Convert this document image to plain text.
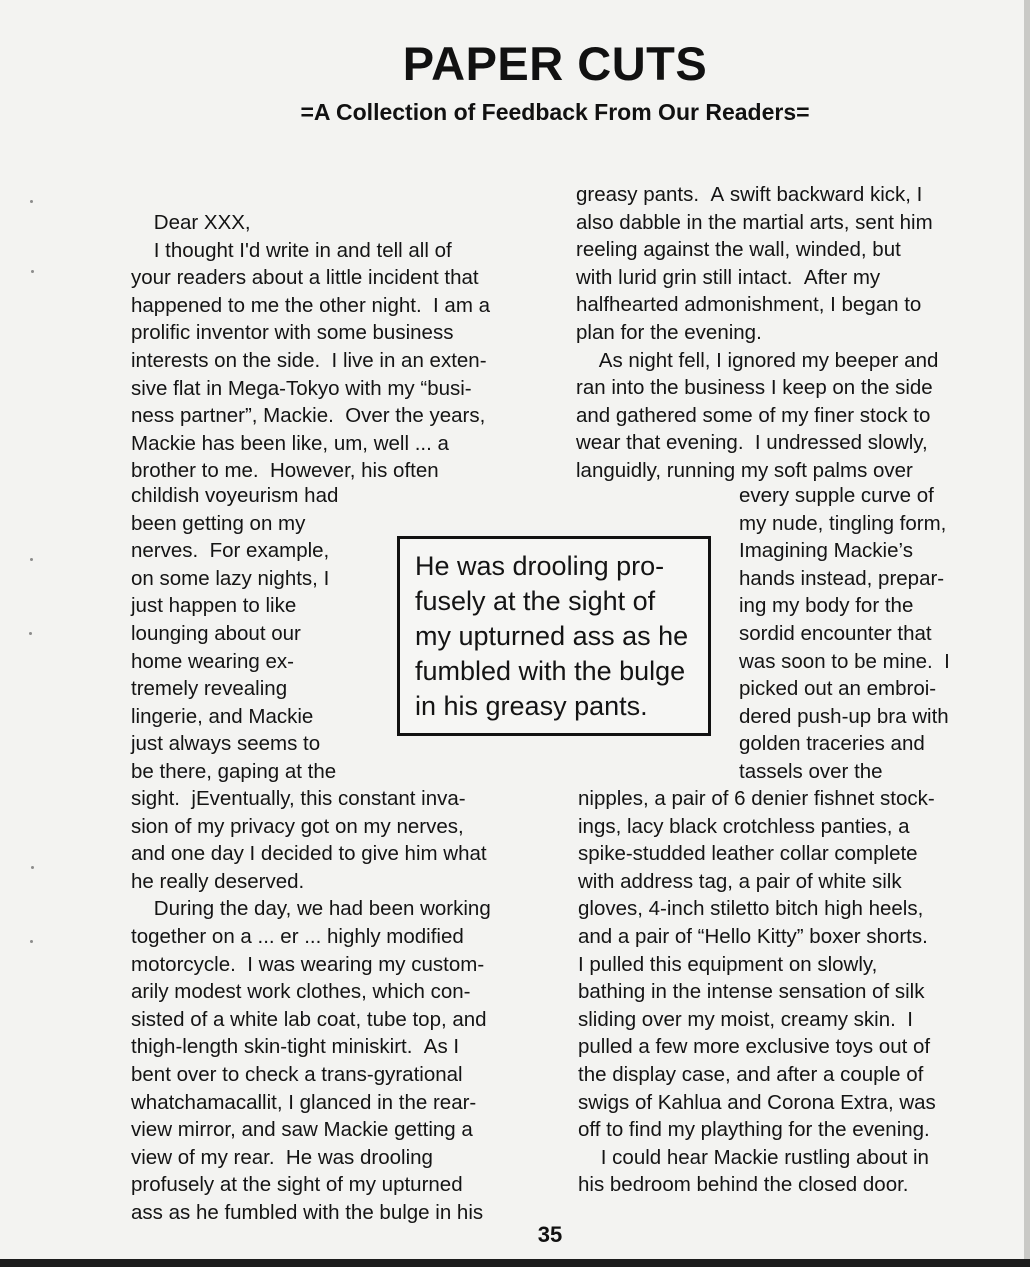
PAPER CUTS
=A Collection of Feedback From Our Readers=
Dear XXX,
I thought I'd write in and tell all of
your readers about a little incident that
happened to me the other night.  I am a
prolific inventor with some business
interests on the side.  I live in an exten-
sive flat in Mega-Tokyo with my “busi-
ness partner”, Mackie.  Over the years,
Mackie has been like, um, well ... a
brother to me.  However, his often
childish voyeurism had
been getting on my
nerves.  For example,
on some lazy nights, I
just happen to like
lounging about our
home wearing ex-
tremely revealing
lingerie, and Mackie
just always seems to
be there, gaping at the
sight.  jEventually, this constant inva-
sion of my privacy got on my nerves,
and one day I decided to give him what
he really deserved.
During the day, we had been working
together on a ... er ... highly modified
motorcycle.  I was wearing my custom-
arily modest work clothes, which con-
sisted of a white lab coat, tube top, and
thigh-length skin-tight miniskirt.  As I
bent over to check a trans-gyrational
whatchamacallit, I glanced in the rear-
view mirror, and saw Mackie getting a
view of my rear.  He was drooling
profusely at the sight of my upturned
ass as he fumbled with the bulge in his
greasy pants.  A swift backward kick, I
also dabble in the martial arts, sent him
reeling against the wall, winded, but
with lurid grin still intact.  After my
halfhearted admonishment, I began to
plan for the evening.
As night fell, I ignored my beeper and
ran into the business I keep on the side
and gathered some of my finer stock to
wear that evening.  I undressed slowly,
languidly, running my soft palms over
every supple curve of
my nude, tingling form,
Imagining Mackie’s
hands instead, prepar-
ing my body for the
sordid encounter that
was soon to be mine.  I
picked out an embroi-
dered push-up bra with
golden traceries and
tassels over the
nipples, a pair of 6 denier fishnet stock-
ings, lacy black crotchless panties, a
spike-studded leather collar complete
with address tag, a pair of white silk
gloves, 4-inch stiletto bitch high heels,
and a pair of “Hello Kitty” boxer shorts.
I pulled this equipment on slowly,
bathing in the intense sensation of silk
sliding over my moist, creamy skin.  I
pulled a few more exclusive toys out of
the display case, and after a couple of
swigs of Kahlua and Corona Extra, was
off to find my plaything for the evening.
I could hear Mackie rustling about in
his bedroom behind the closed door.
He was drooling pro-
fusely at the sight of
my upturned ass as he
fumbled with the bulge
in his greasy pants.
35
